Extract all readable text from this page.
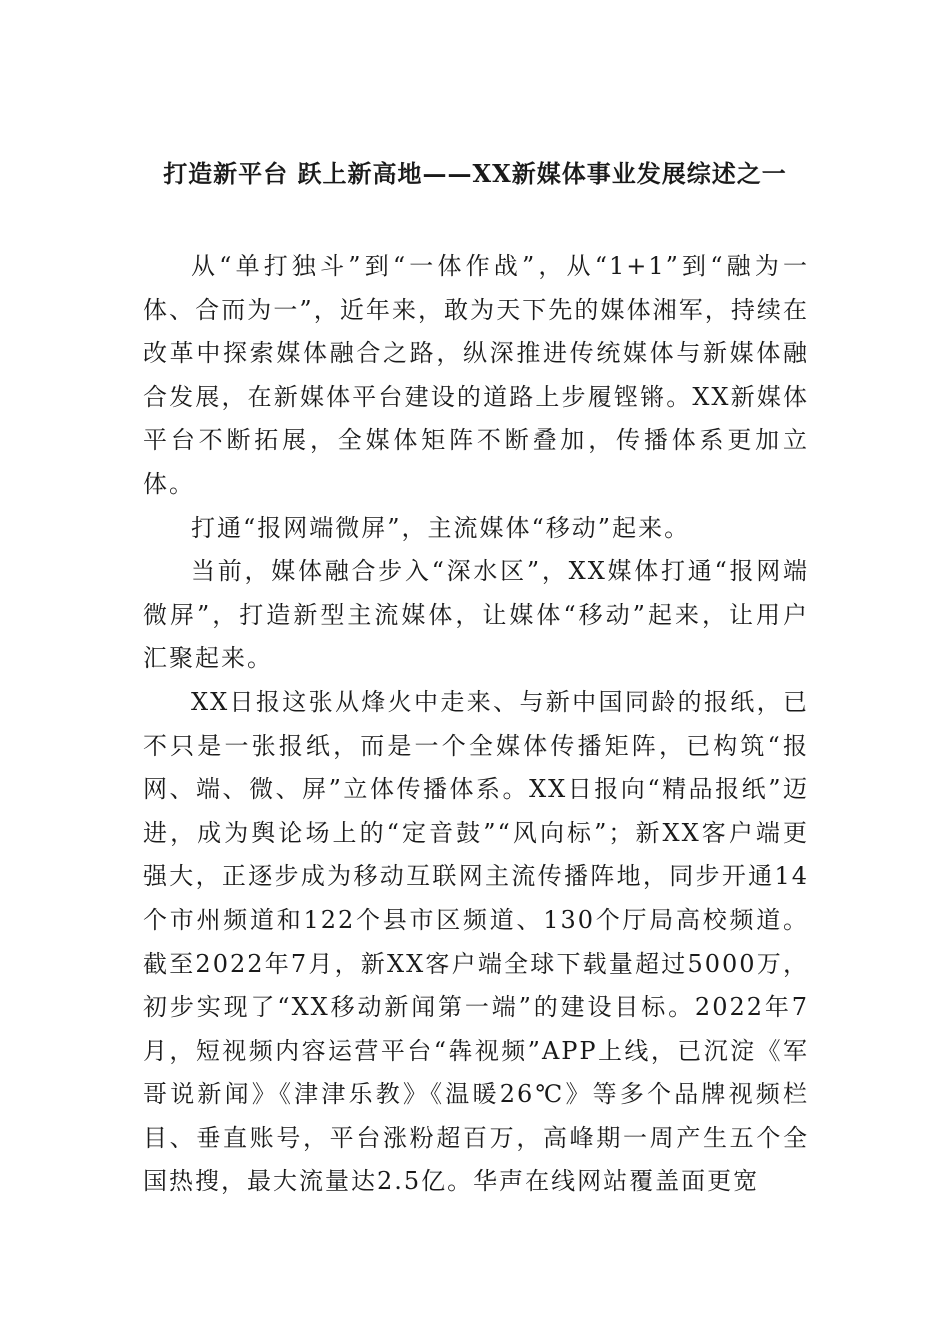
打造新平台 跃上新高地——XX新媒体事业发展综述之一

从“单打独斗”到“一体作战”，从“1+1”到“融为一体、合而为一”，近年来，敢为天下先的媒体湘军，持续在改革中探索媒体融合之路，纵深推进传统媒体与新媒体融合发展，在新媒体平台建设的道路上步履铿锵。XX新媒体平台不断拓展，全媒体矩阵不断叠加，传播体系更加立体。

打通“报网端微屏”，主流媒体“移动”起来。

当前，媒体融合步入“深水区”，XX媒体打通“报网端微屏”，打造新型主流媒体，让媒体“移动”起来，让用户汇聚起来。

XX日报这张从烽火中走来、与新中国同龄的报纸，已不只是一张报纸，而是一个全媒体传播矩阵，已构筑“报网、端、微、屏”立体传播体系。XX日报向“精品报纸”迈进，成为舆论场上的“定音鼓”“风向标”；新XX客户端更强大，正逐步成为移动互联网主流传播阵地，同步开通14个市州频道和122个县市区频道、130个厅局高校频道。截至2022年7月，新XX客户端全球下载量超过5000万，初步实现了“XX移动新闻第一端”的建设目标。2022年7月，短视频内容运营平台“犇视频”APP上线，已沉淀《军哥说新闻》《津津乐教》《温暖26℃》等多个品牌视频栏目、垂直账号，平台涨粉超百万，高峰期一周产生五个全国热搜，最大流量达2.5亿。华声在线网站覆盖面更宽
